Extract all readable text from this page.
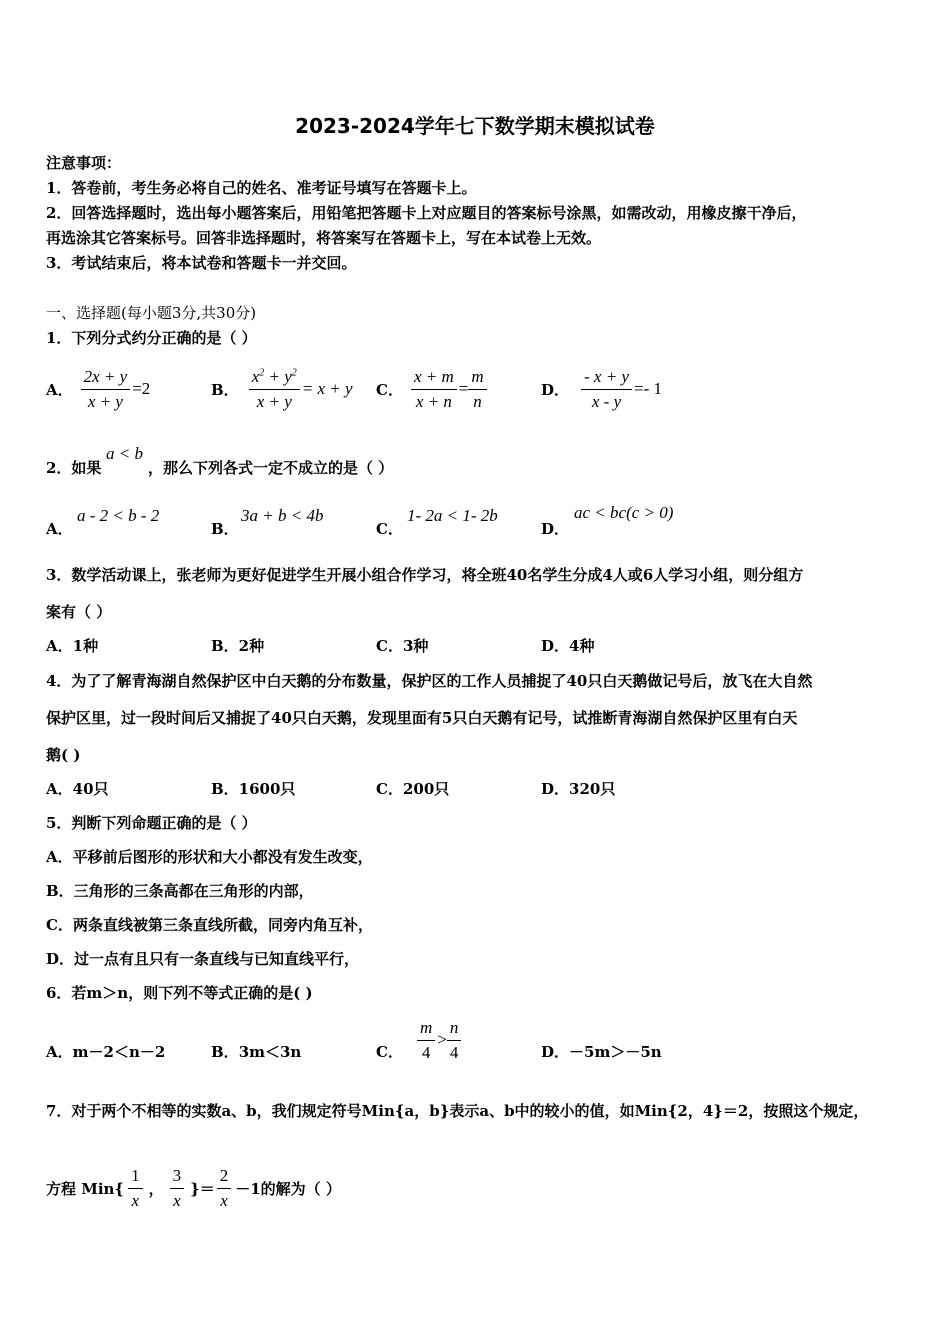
2023-2024学年七下数学期末模拟试卷
注意事项：
1．答卷前，考生务必将自己的姓名、准考证号填写在答题卡上。
2．回答选择题时，选出每小题答案后，用铅笔把答题卡上对应题目的答案标号涂黑，如需改动，用橡皮擦干净后，
再选涂其它答案标号。回答非选择题时，将答案写在答题卡上，写在本试卷上无效。
3．考试结束后，将本试卷和答题卡一并交回。
一、选择题(每小题3分,共30分)
1．下列分式约分正确的是（ ）
A． $\frac{2x + y}{x + y} =2$	B． $\frac{x^2 + y^2}{x + y} = x + y$ C． $\frac{x + m}{x + n} = \frac{m}{n}$	D． $\frac{- x + y}{x - y} =- 1$
2．如果
a < b
，那么下列各式一定不成立的是（ ）
A．
a - 2 < b - 2
B．
3a + b < 4b
C．
1- 2a < 1- 2b
D．
ac < bc(c > 0)
3．数学活动课上，张老师为更好促进学生开展小组合作学习，将全班40名学生分成4人或6人学习小组，则分组方
案有（ ）
A．1种	B．2种	C．3种	D．4种
4．为了了解青海湖自然保护区中白天鹅的分布数量，保护区的工作人员捕捉了40只白天鹅做记号后，放飞在大自然
保护区里，过一段时间后又捕捉了40只白天鹅，发现里面有5只白天鹅有记号，试推断青海湖自然保护区里有白天
鹅( )
A．40只	B．1600只	C．200只	D．320只
5．判断下列命题正确的是（ ）
A．平移前后图形的形状和大小都没有发生改变，
B．三角形的三条高都在三角形的内部，
C．两条直线被第三条直线所截，同旁内角互补，
D．过一点有且只有一条直线与已知直线平行，
6．若m＞n，则下列不等式正确的是( )
A．m－2＜n－2	B．3m＜3n	C． $\frac{m}{4} > \frac{n}{4}$	D．－5m＞－5n
7．对于两个不相等的实数a、b，我们规定符号Min{a，b}表示a、b中的较小的值，如Min{2，4}＝2，按照这个规定，
方程 $Min\{ \frac{1}{x}$ ， $\frac{3}{x}$ }＝ $\frac{2}{x} -1$的解为（ ）
